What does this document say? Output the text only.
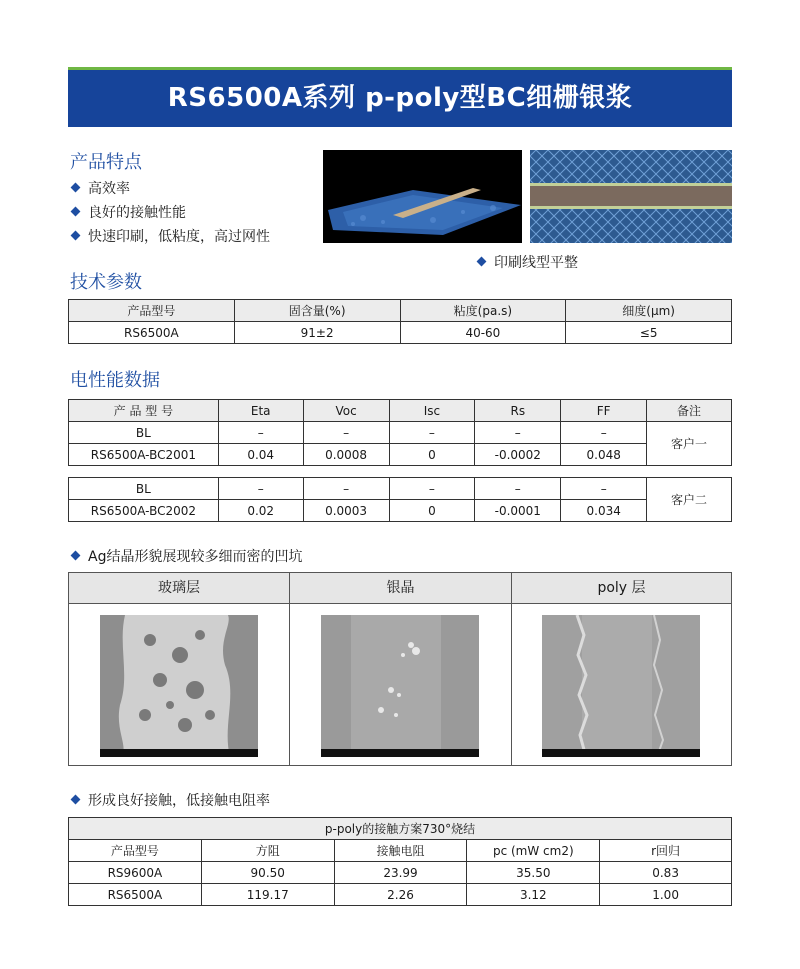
RS6500A系列 p-poly型BC细栅银浆
产品特点
高效率
良好的接触性能
快速印刷，低粘度，高过网性
印刷线型平整
技术参数
产品型号	固含量(%)	粘度(pa.s)	细度(μm)
RS6500A	91±2	40-60	≤5
电性能数据
产 品 型 号	Eta	Voc	Isc	Rs	FF	备注
BL	–	–	–	–	–	客户一
RS6500A-BC2001	0.04	0.0008	0	-0.0002	0.048	

BL	–	–	–	–	–	客户二
RS6500A-BC2002	0.02	0.0003	0	-0.0001	0.034	
Ag结晶形貌展现较多细而密的凹坑
玻璃层	银晶	poly 层
形成良好接触，低接触电阻率
p-poly的接触方案730°烧结				
产品型号	方阻	接触电阻	pc (mW cm2)	r回归
RS9600A	90.50	23.99	35.50	0.83
RS6500A	119.17	2.26	3.12	1.00
